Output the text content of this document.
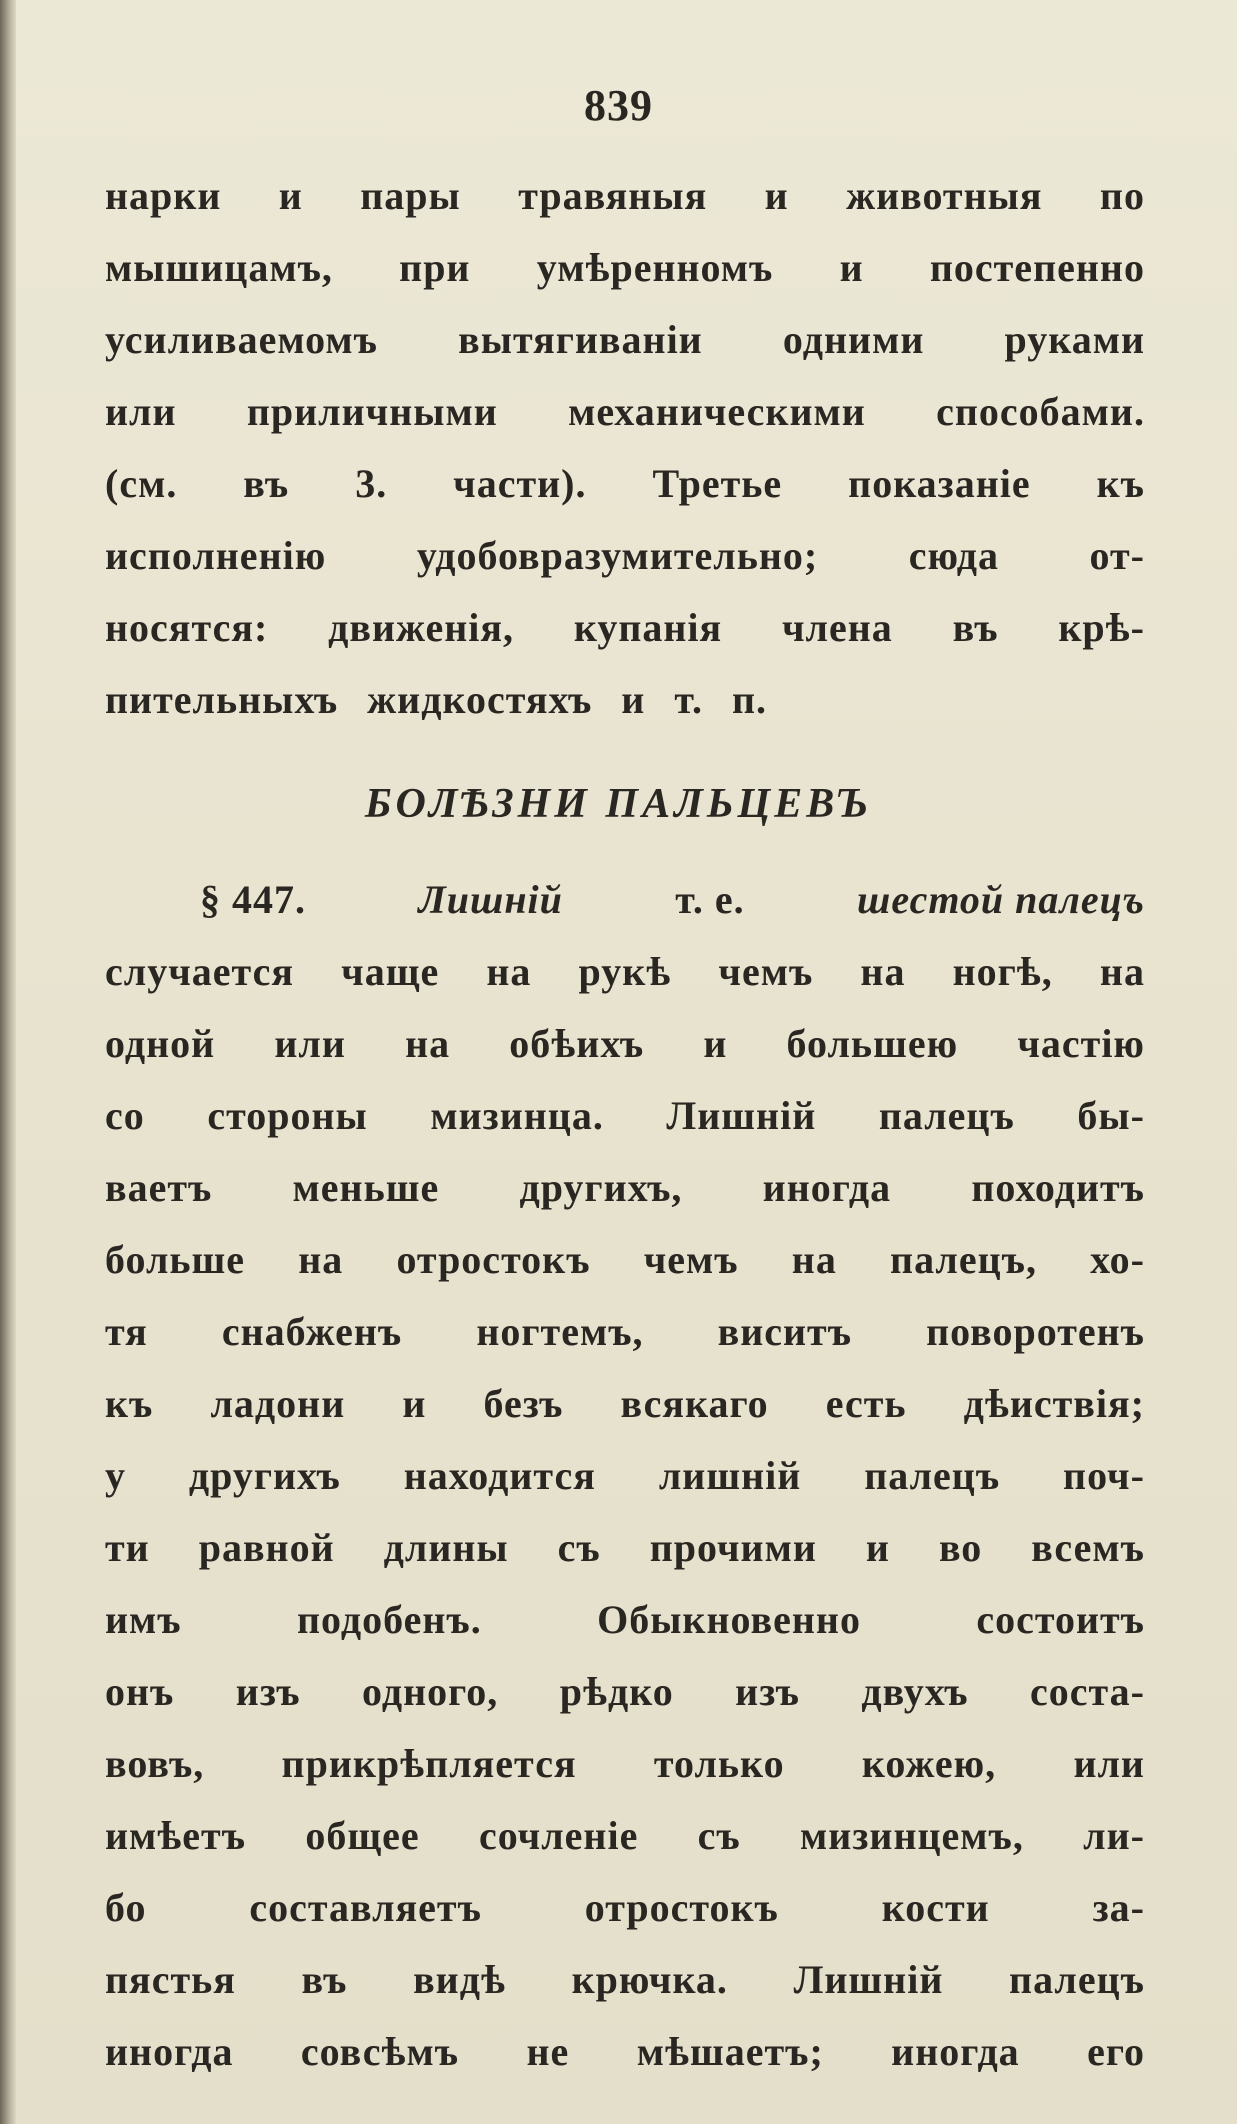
839
нарки и пары травяныя и животныя по
мышицамъ, при умѣренномъ и постепенно
усиливаемомъ вытягиваніи одними руками
или приличными механическими способами.
(см. въ 3. части). Третье показаніе къ
исполненію удобовразумительно; сюда от-
носятся: движенія, купанія члена въ крѣ-
пительныхъ жидкостяхъ и т. п.
БОЛѢЗНИ ПАЛЬЦЕВЪ
§ 447.	Лишній	т. е.	шестой палецъ
случается чаще на рукѣ чемъ на ногѣ, на
одной или на обѣихъ и большею частію
со стороны мизинца. Лишній палецъ бы-
ваетъ меньше другихъ, иногда походитъ
больше на отростокъ чемъ на палецъ, хо-
тя снабженъ ногтемъ, виситъ поворотенъ
къ ладони и безъ всякаго есть дѣиствія;
у другихъ находится лишній палецъ поч-
ти равной длины съ прочими и во всемъ
имъ	подобенъ.	Обыкновенно	состоитъ
онъ изъ одного, рѣдко изъ двухъ соста-
вовъ, прикрѣпляется только кожею, или
имѣетъ общее сочленіе съ мизинцемъ, ли-
бо	составляетъ	отростокъ	кости	за-
пястья въ видѣ крючка. Лишній палецъ
иногда совсѣмъ не мѣшаетъ; иногда его
